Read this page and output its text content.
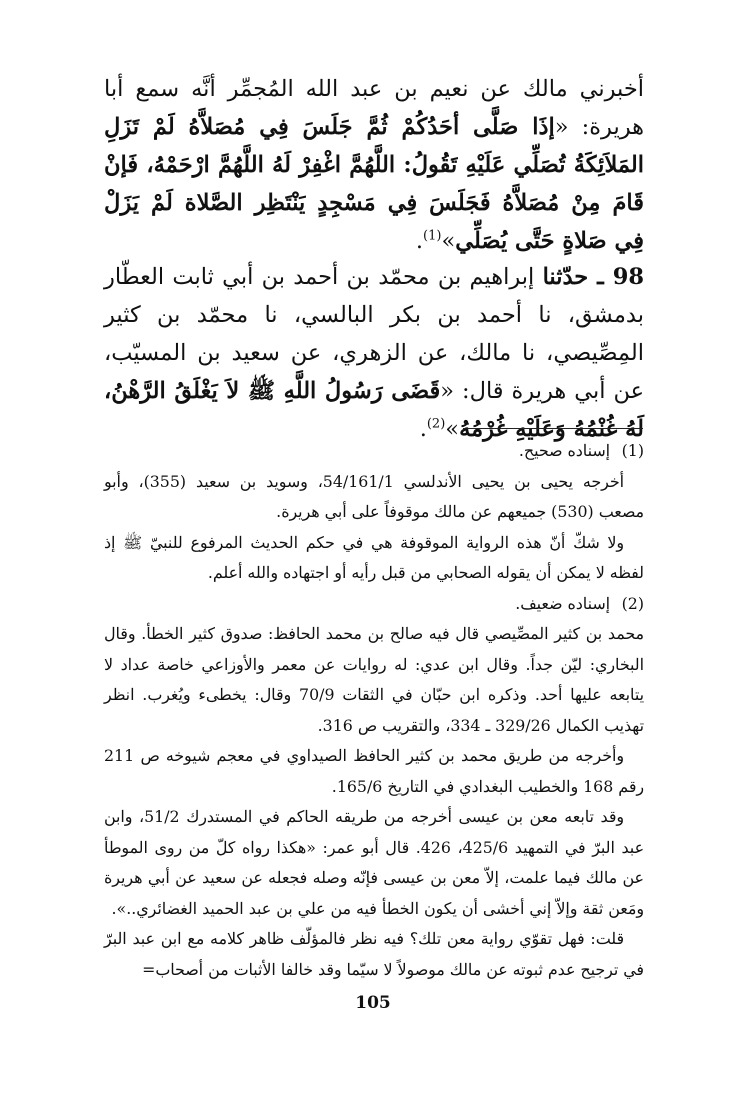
أخبرني مالك عن نعيم بن عبد الله المُجمِّر أنَّه سمع أبا هريرة: «إذَا صَلَّى أحَدُكُمْ ثُمَّ جَلَسَ فِي مُصَلاَّهُ لَمْ تَزَلِ المَلاَئِكَةُ تُصَلِّي عَلَيْهِ تَقُولُ: اللَّهُمَّ اغْفِرْ لَهُ اللَّهُمَّ ارْحَمْهُ، فَإنْ قَامَ مِنْ مُصَلاَّهُ فَجَلَسَ فِي مَسْجِدٍ يَنْتَظِر الصَّلاة لَمْ يَزَلْ فِي صَلاةٍ حَتَّى يُصَلِّي»$^{(1)}$.
98 ـ حدّثنا إبراهيم بن محمّد بن أحمد بن أبي ثابت العطّار بدمشق، نا أحمد بن بكر البالسي، نا محمّد بن كثير المِصِّيصي، نا مالك، عن الزهري، عن سعيد بن المسيّب، عن أبي هريرة قال: «قَضَى رَسُولُ اللَّهِ ﷺ لاَ يَغْلَقُ الرَّهْنُ، لَهُ غُنْمُهُ وَعَلَيْهِ غُرْمُهُ»$^{(2)}$.
(1)
إسناده صحيح.
أخرجه يحيى بن يحيى الأندلسي 54/161/1، وسويد بن سعيد (355)، وأبو مصعب (530) جميعهم عن مالك موقوفاً على أبي هريرة.
ولا شكّ أنّ هذه الرواية الموقوفة هي في حكم الحديث المرفوع للنبيّ ﷺ إذ لفظه لا يمكن أن يقوله الصحابي من قبل رأيه أو اجتهاده والله أعلم.
(2)
إسناده ضعيف.
محمد بن كثير المصِّيصي قال فيه صالح بن محمد الحافظ: صدوق كثير الخطأ. وقال البخاري: ليّن جداً. وقال ابن عدي: له روايات عن معمر والأوزاعي خاصة عداد لا يتابعه عليها أحد. وذكره ابن حبّان في الثقات 70/9 وقال: يخطىء ويُغرب. انظر تهذيب الكمال 329/26 ـ 334، والتقريب ص 316.
وأخرجه من طريق محمد بن كثير الحافظ الصيداوي في معجم شيوخه ص 211 رقم 168 والخطيب البغدادي في التاريخ 165/6.
وقد تابعه معن بن عيسى أخرجه من طريقه الحاكم في المستدرك 51/2، وابن عبد البرّ في التمهيد 425/6، 426. قال أبو عمر: «هكذا رواه كلّ من روى الموطأ عن مالك فيما علمت، إلاّ معن بن عيسى فإنّه وصله فجعله عن سعيد عن أبي هريرة ومَعن ثقة وإلاّ إني أخشى أن يكون الخطأ فيه من علي بن عبد الحميد الغضائري..».
قلت: فهل تقوّي رواية معن تلك؟ فيه نظر فالمؤلّف ظاهر كلامه مع ابن عبد البرّ في ترجيح عدم ثبوته عن مالك موصولاً لا سيّما وقد خالفا الأثبات من أصحاب=
105
